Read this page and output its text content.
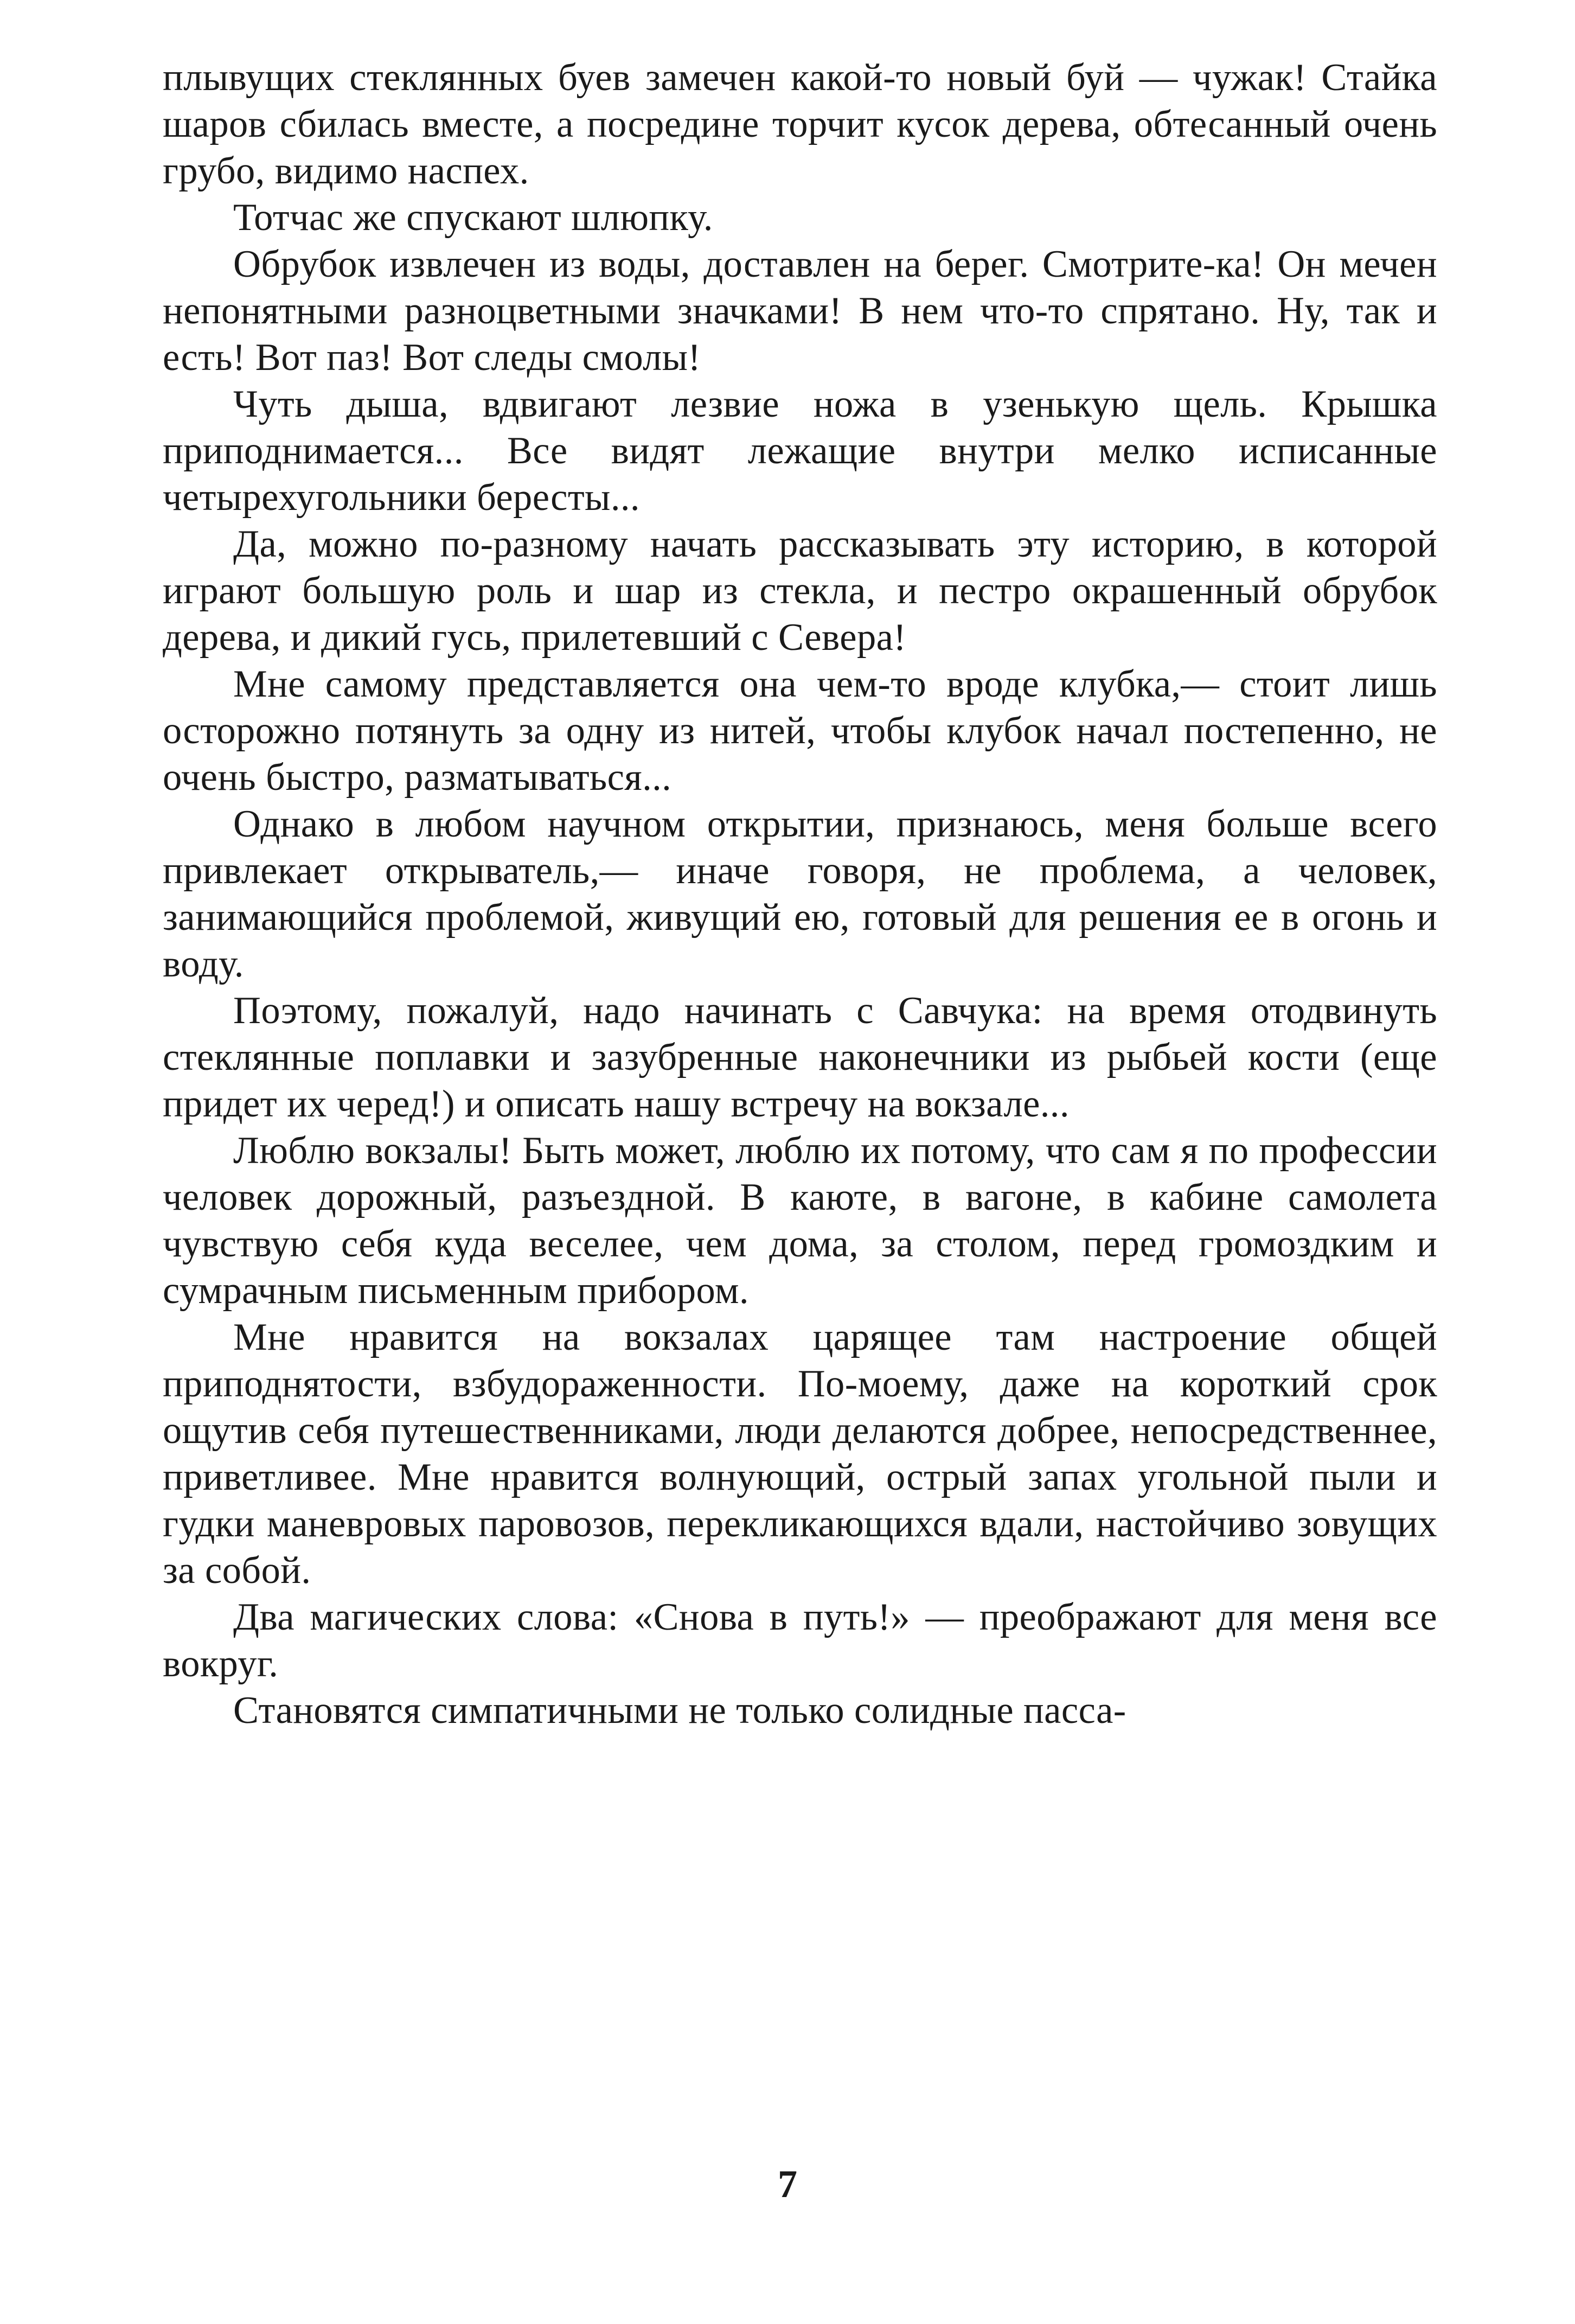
плывущих стеклянных буев замечен какой-то новый буй — чужак! Стайка шаров сбилась вместе, а посредине торчит кусок дерева, обтесанный очень грубо, видимо наспех.

Тотчас же спускают шлюпку.

Обрубок извлечен из воды, доставлен на берег. Смотрите-ка! Он мечен непонятными разноцветными значками! В нем что-то спрятано. Ну, так и есть! Вот паз! Вот следы смолы!

Чуть дыша, вдвигают лезвие ножа в узенькую щель. Крышка приподнимается... Все видят лежащие внутри мелко исписанные четырехугольники бересты...

Да, можно по-разному начать рассказывать эту историю, в которой играют большую роль и шар из стекла, и пестро окрашенный обрубок дерева, и дикий гусь, прилетевший с Севера!

Мне самому представляется она чем-то вроде клубка,— стоит лишь осторожно потянуть за одну из нитей, чтобы клубок начал постепенно, не очень быстро, разматываться...

Однако в любом научном открытии, признаюсь, меня больше всего привлекает открыватель,— иначе говоря, не проблема, а человек, занимающийся проблемой, живущий ею, готовый для решения ее в огонь и воду.

Поэтому, пожалуй, надо начинать с Савчука: на время отодвинуть стеклянные поплавки и зазубренные наконечники из рыбьей кости (еще придет их черед!) и описать нашу встречу на вокзале...

Люблю вокзалы! Быть может, люблю их потому, что сам я по профессии человек дорожный, разъездной. В каюте, в вагоне, в кабине самолета чувствую себя куда веселее, чем дома, за столом, перед громоздким и сумрачным письменным прибором.

Мне нравится на вокзалах царящее там настроение общей приподнятости, взбудораженности. По-моему, даже на короткий срок ощутив себя путешественниками, люди делаются добрее, непосредственнее, приветливее. Мне нравится волнующий, острый запах угольной пыли и гудки маневровых паровозов, перекликающихся вдали, настойчиво зовущих за собой.

Два магических слова: «Снова в путь!» — преображают для меня все вокруг.

Становятся симпатичными не только солидные пасса-

7
